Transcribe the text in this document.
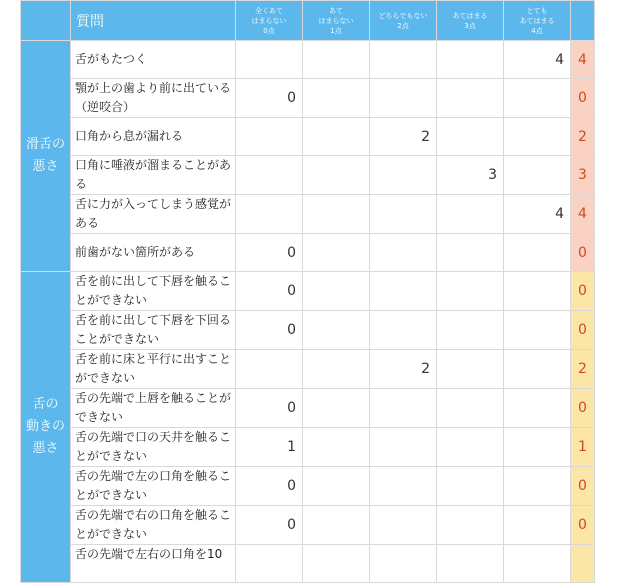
	質問	全くあて
はまらない
0点	あて
はまらない
1点	どちらでもない
2点	あてはまる
3点	とても
あてはまる
4点	

滑舌の
悪さ	舌がもたつく					4	4
	顎が上の歯より前に出ている（逆咬合）	0					0
	口角から息が漏れる			2			2
	口角に唾液が溜まることがある				3		3
	舌に力が入ってしまう感覚がある					4	4
	前歯がない箇所がある	0					0

舌の
動きの
悪さ	舌を前に出して下唇を触ることができない	0					0
	舌を前に出して下唇を下回ることができない	0					0
	舌を前に床と平行に出すことができない			2			2
	舌の先端で上唇を触ることができない	0					0
	舌の先端で口の天井を触ることができない	1					1
	舌の先端で左の口角を触ることができない	0					0
	舌の先端で右の口角を触ることができない	0					0
	舌の先端で左右の口角を10						
